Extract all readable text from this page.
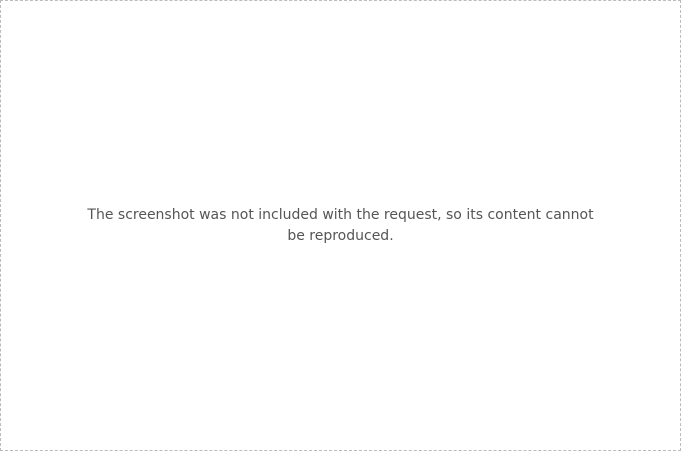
The screenshot was not included with the request, so its content cannot be reproduced.
